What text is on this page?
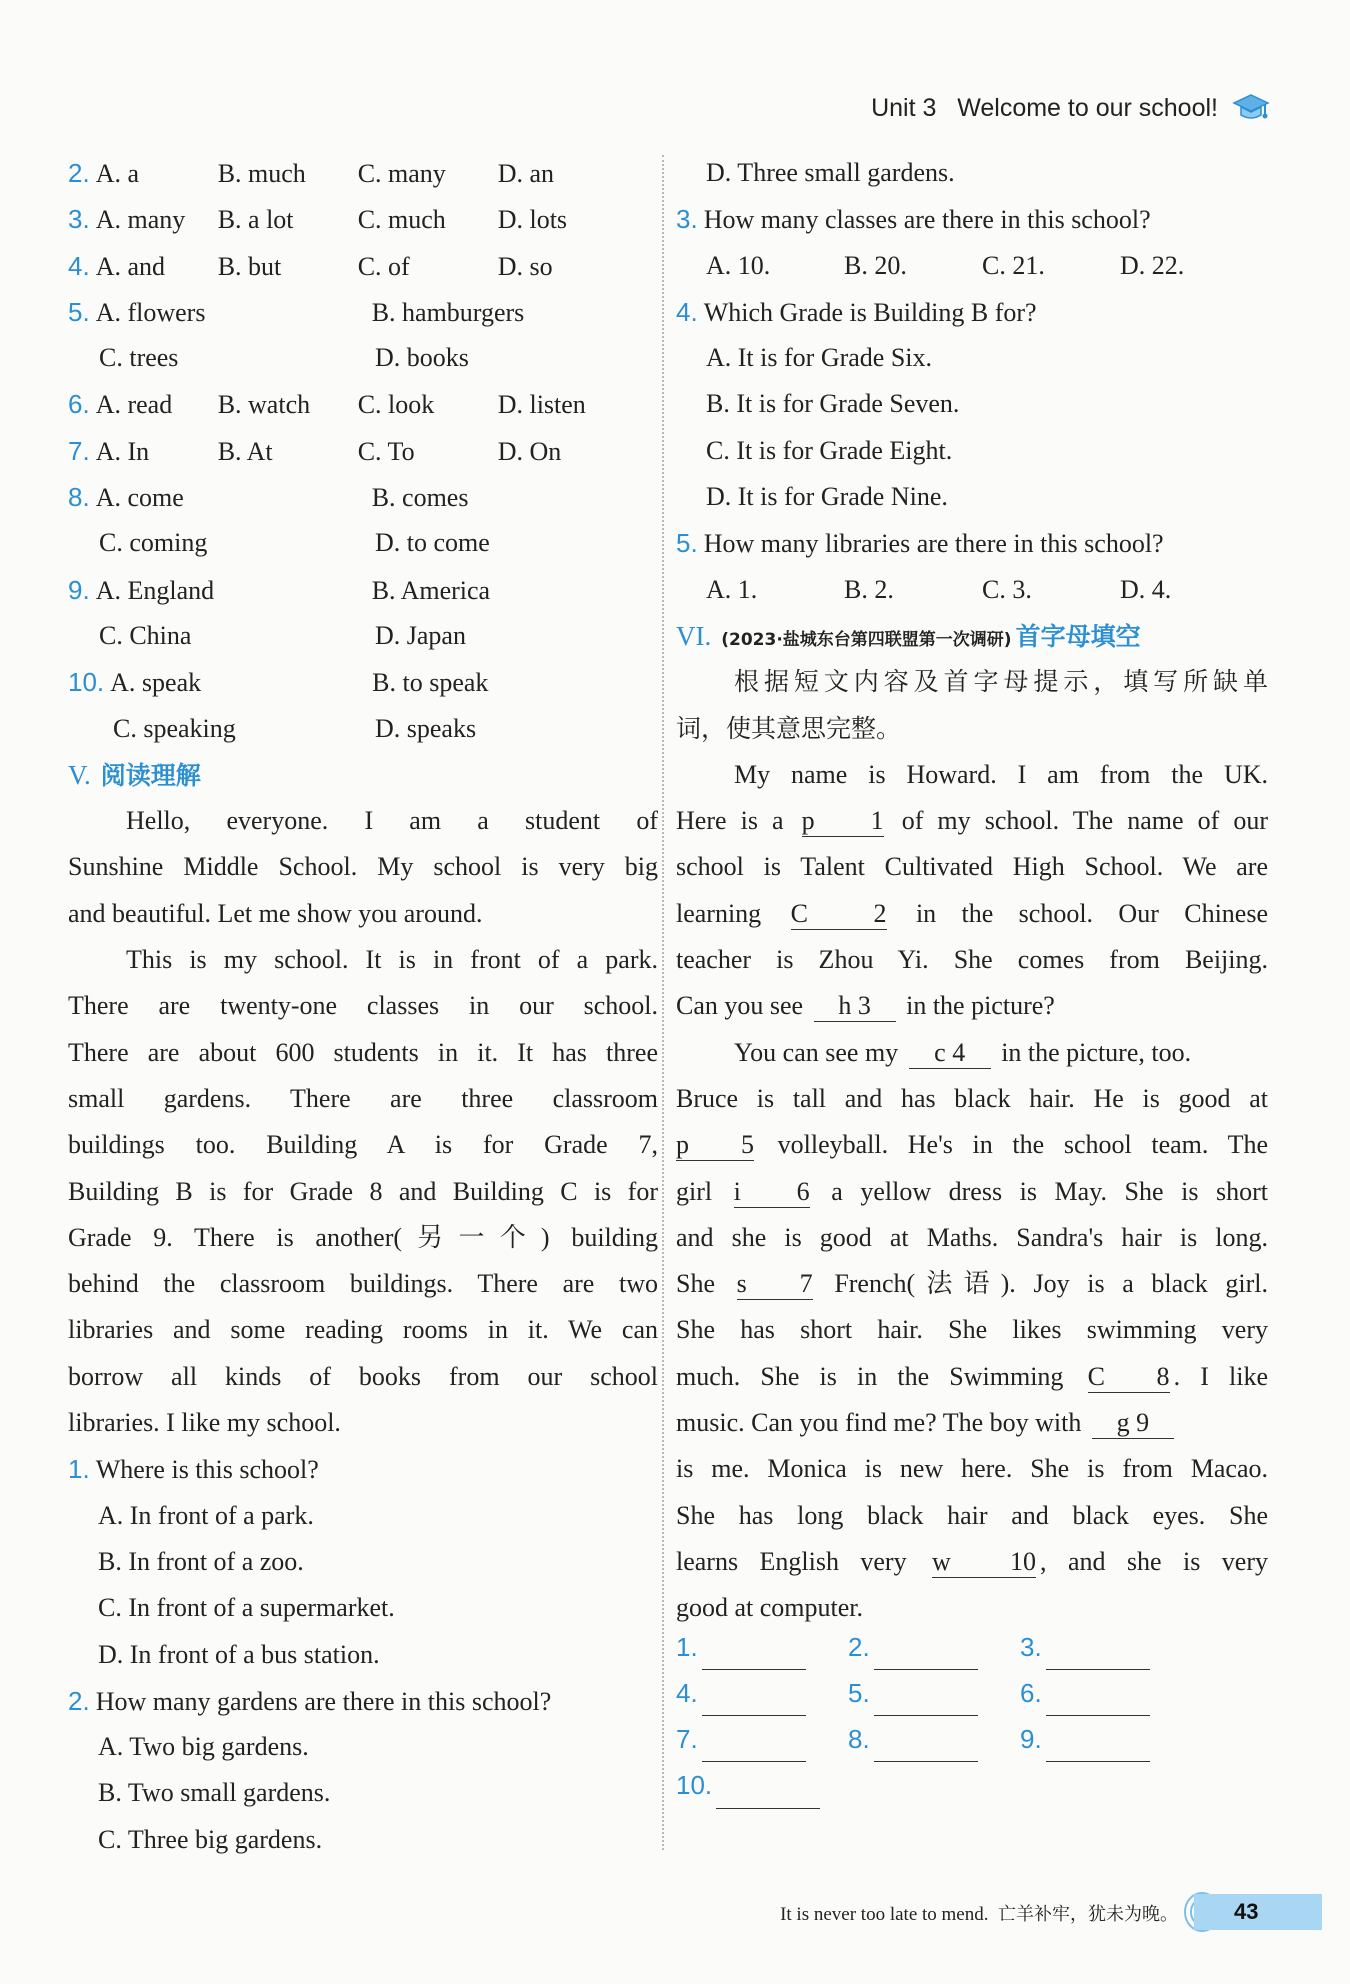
Unit 3 Welcome to our school!
2. A. a	B. much	C. many	D. an
3. A. many	B. a lot	C. much	D. lots
4. A. and	B. but	C. of	D. so
5. A. flowers	B. hamburgers
C. trees	D. books
6. A. read	B. watch	C. look	D. listen
7. A. In	B. At	C. To	D. On
8. A. come	B. comes
C. coming	D. to come
9. A. England	B. America
C. China	D. Japan
10. A. speak	B. to speak
C. speaking	D. speaks
V. 阅读理解
Hello, everyone. I am a student of
Sunshine Middle School. My school is very big
and beautiful. Let me show you around.
This is my school. It is in front of a park.
There are twenty-one classes in our school.
There are about 600 students in it. It has three
small gardens. There are three classroom
buildings too. Building A is for Grade 7,
Building B is for Grade 8 and Building C is for
Grade 9. There is another(另一个) building
behind the classroom buildings. There are two
libraries and some reading rooms in it. We can
borrow all kinds of books from our school
libraries. I like my school.
1. Where is this school?
A. In front of a park.
B. In front of a zoo.
C. In front of a supermarket.
D. In front of a bus station.
2. How many gardens are there in this school?
A. Two big gardens.
B. Two small gardens.
C. Three big gardens.
D. Three small gardens.
3. How many classes are there in this school?
A. 10.	B. 20.	C. 21.	D. 22.
4. Which Grade is Building B for?
A. It is for Grade Six.
B. It is for Grade Seven.
C. It is for Grade Eight.
D. It is for Grade Nine.
5. How many libraries are there in this school?
A. 1.	B. 2.	C. 3.	D. 4.
VI. (2023·盐城东台第四联盟第一次调研) 首字母填空
根据短文内容及首字母提示，填写所缺单
词，使其意思完整。
My name is Howard. I am from the UK.
Here is a p 1 of my school. The name of our
school is Talent Cultivated High School. We are
learning C 2 in the school. Our Chinese
teacher is Zhou Yi. She comes from Beijing.
Can you see h 3 in the picture?
You can see my c 4 in the picture, too.
Bruce is tall and has black hair. He is good at
p 5 volleyball. He's in the school team. The
girl i 6 a yellow dress is May. She is short
and she is good at Maths. Sandra's hair is long.
She s 7 French(法语). Joy is a black girl.
She has short hair. She likes swimming very
much. She is in the Swimming C 8 . I like
music. Can you find me? The boy with g 9
is me. Monica is new here. She is from Macao.
She has long black hair and black eyes. She
learns English very w 10 , and she is very
good at computer.
1.	2.	3.
4.	5.	6.
7.	8.	9.
10.
It is never too late to mend. 亡羊补牢，犹未为晚。	43
